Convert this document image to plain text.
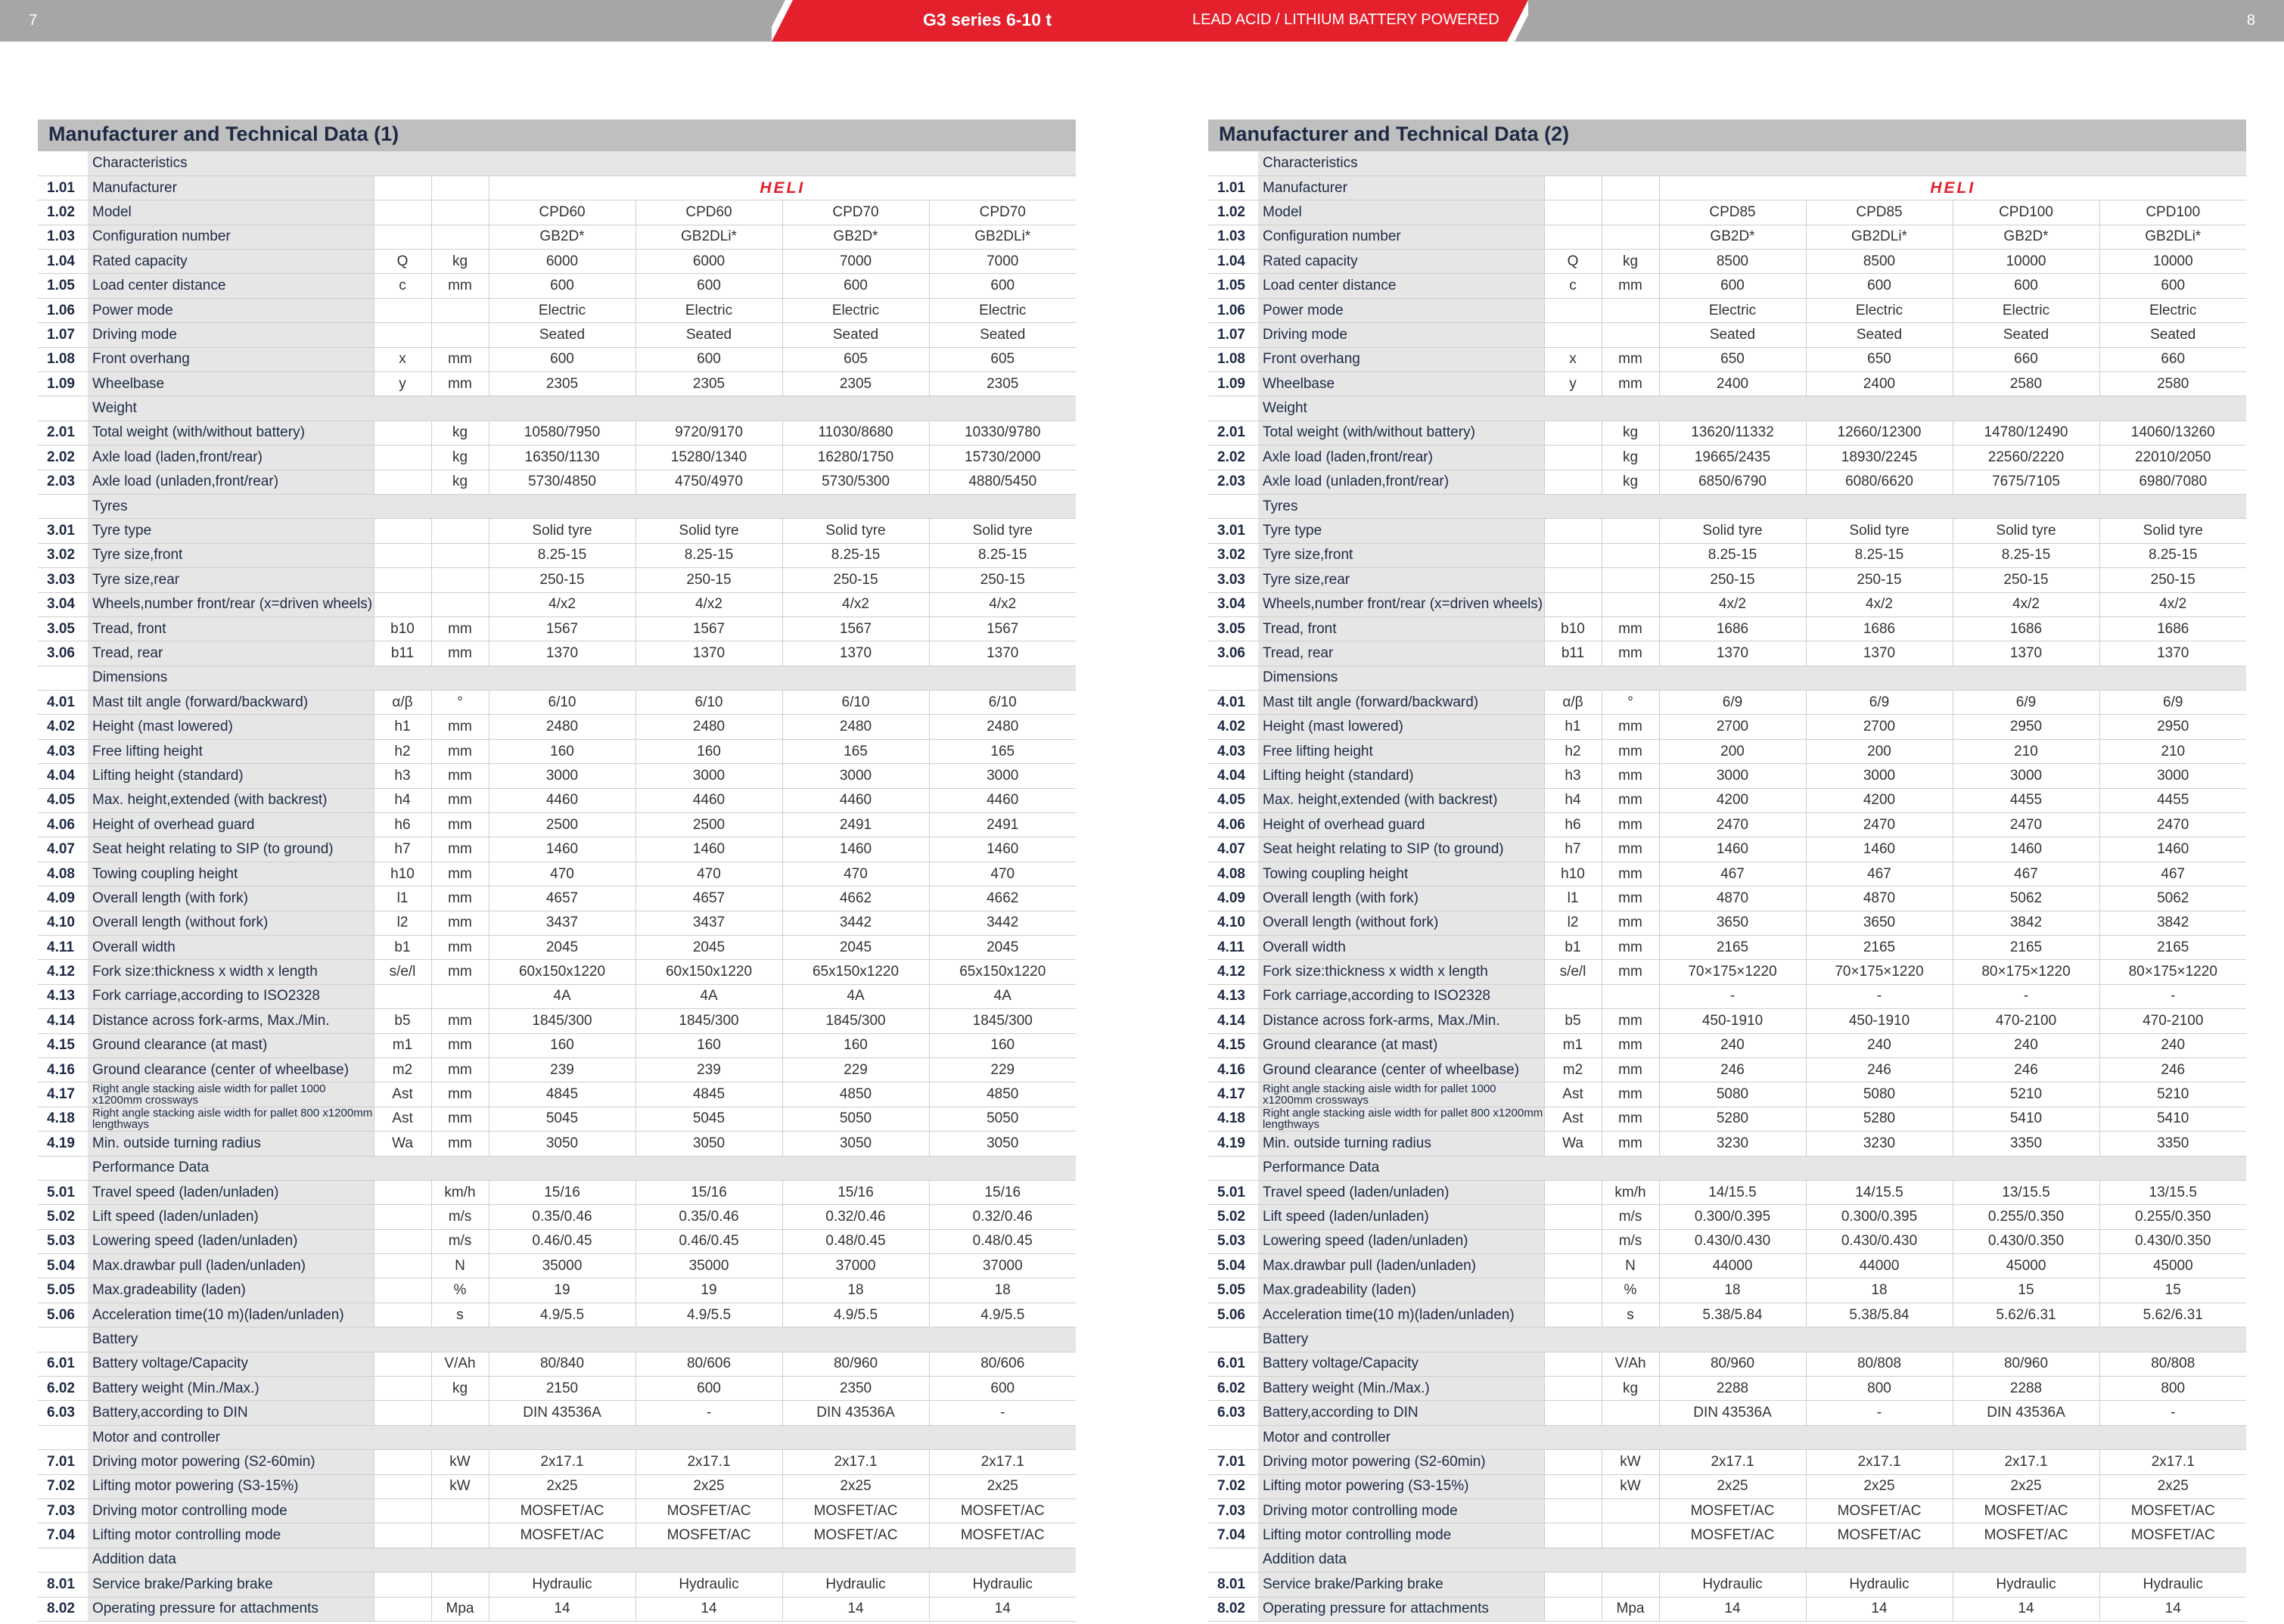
7	G3 series 6-10 t	LEAD ACID / LITHIUM BATTERY POWERED	8
Manufacturer and Technical Data (1)
	Characteristics						
1.01	Manufacturer			HELI			
1.02	Model			CPD60	CPD60	CPD70	CPD70
1.03	Configuration number			GB2D*	GB2DLi*	GB2D*	GB2DLi*
1.04	Rated capacity	Q	kg	6000	6000	7000	7000
1.05	Load center distance	c	mm	600	600	600	600
1.06	Power mode			Electric	Electric	Electric	Electric
1.07	Driving mode			Seated	Seated	Seated	Seated
1.08	Front overhang	x	mm	600	600	605	605
1.09	Wheelbase	y	mm	2305	2305	2305	2305
	Weight						
2.01	Total weight (with/without battery)		kg	10580/7950	9720/9170	11030/8680	10330/9780
2.02	Axle load (laden,front/rear)		kg	16350/1130	15280/1340	16280/1750	15730/2000
2.03	Axle load (unladen,front/rear)		kg	5730/4850	4750/4970	5730/5300	4880/5450
	Tyres						
3.01	Tyre type			Solid tyre	Solid tyre	Solid tyre	Solid tyre
3.02	Tyre size,front			8.25-15	8.25-15	8.25-15	8.25-15
3.03	Tyre size,rear			250-15	250-15	250-15	250-15
3.04	Wheels,number front/rear (x=driven wheels)			4/x2	4/x2	4/x2	4/x2
3.05	Tread, front	b10	mm	1567	1567	1567	1567
3.06	Tread, rear	b11	mm	1370	1370	1370	1370
	Dimensions						
4.01	Mast tilt angle (forward/backward)	α/β	°	6/10	6/10	6/10	6/10
4.02	Height (mast lowered)	h1	mm	2480	2480	2480	2480
4.03	Free lifting height	h2	mm	160	160	165	165
4.04	Lifting height (standard)	h3	mm	3000	3000	3000	3000
4.05	Max. height,extended (with backrest)	h4	mm	4460	4460	4460	4460
4.06	Height of overhead guard	h6	mm	2500	2500	2491	2491
4.07	Seat height relating to SIP (to ground)	h7	mm	1460	1460	1460	1460
4.08	Towing coupling height	h10	mm	470	470	470	470
4.09	Overall length (with fork)	l1	mm	4657	4657	4662	4662
4.10	Overall length (without fork)	l2	mm	3437	3437	3442	3442
4.11	Overall width	b1	mm	2045	2045	2045	2045
4.12	Fork size:thickness x width x length	s/e/l	mm	60x150x1220	60x150x1220	65x150x1220	65x150x1220
4.13	Fork carriage,according to ISO2328			4A	4A	4A	4A
4.14	Distance across fork-arms, Max./Min.	b5	mm	1845/300	1845/300	1845/300	1845/300
4.15	Ground clearance (at mast)	m1	mm	160	160	160	160
4.16	Ground clearance (center of wheelbase)	m2	mm	239	239	229	229
4.17	Right angle stacking aisle width for pallet 1000 x1200mm crossways	Ast	mm	4845	4845	4850	4850
4.18	Right angle stacking aisle width for pallet 800 x1200mm lengthways	Ast	mm	5045	5045	5050	5050
4.19	Min. outside turning radius	Wa	mm	3050	3050	3050	3050
	Performance Data						
5.01	Travel speed (laden/unladen)		km/h	15/16	15/16	15/16	15/16
5.02	Lift speed (laden/unladen)		m/s	0.35/0.46	0.35/0.46	0.32/0.46	0.32/0.46
5.03	Lowering speed (laden/unladen)		m/s	0.46/0.45	0.46/0.45	0.48/0.45	0.48/0.45
5.04	Max.drawbar pull (laden/unladen)		N	35000	35000	37000	37000
5.05	Max.gradeability (laden)		%	19	19	18	18
5.06	Acceleration time(10 m)(laden/unladen)		s	4.9/5.5	4.9/5.5	4.9/5.5	4.9/5.5
	Battery						
6.01	Battery voltage/Capacity		V/Ah	80/840	80/606	80/960	80/606
6.02	Battery weight (Min./Max.)		kg	2150	600	2350	600
6.03	Battery,according to DIN			DIN 43536A	-	DIN 43536A	-
	Motor and controller						
7.01	Driving motor powering (S2-60min)		kW	2x17.1	2x17.1	2x17.1	2x17.1
7.02	Lifting motor powering (S3-15%)		kW	2x25	2x25	2x25	2x25
7.03	Driving motor controlling mode			MOSFET/AC	MOSFET/AC	MOSFET/AC	MOSFET/AC
7.04	Lifting motor controlling mode			MOSFET/AC	MOSFET/AC	MOSFET/AC	MOSFET/AC
	Addition data						
8.01	Service brake/Parking brake			Hydraulic	Hydraulic	Hydraulic	Hydraulic
8.02	Operating pressure for attachments		Mpa	14	14	14	14
Manufacturer and Technical Data (2)
	Characteristics						
1.01	Manufacturer			HELI			
1.02	Model			CPD85	CPD85	CPD100	CPD100
1.03	Configuration number			GB2D*	GB2DLi*	GB2D*	GB2DLi*
1.04	Rated capacity	Q	kg	8500	8500	10000	10000
1.05	Load center distance	c	mm	600	600	600	600
1.06	Power mode			Electric	Electric	Electric	Electric
1.07	Driving mode			Seated	Seated	Seated	Seated
1.08	Front overhang	x	mm	650	650	660	660
1.09	Wheelbase	y	mm	2400	2400	2580	2580
	Weight						
2.01	Total weight (with/without battery)		kg	13620/11332	12660/12300	14780/12490	14060/13260
2.02	Axle load (laden,front/rear)		kg	19665/2435	18930/2245	22560/2220	22010/2050
2.03	Axle load (unladen,front/rear)		kg	6850/6790	6080/6620	7675/7105	6980/7080
	Tyres						
3.01	Tyre type			Solid tyre	Solid tyre	Solid tyre	Solid tyre
3.02	Tyre size,front			8.25-15	8.25-15	8.25-15	8.25-15
3.03	Tyre size,rear			250-15	250-15	250-15	250-15
3.04	Wheels,number front/rear (x=driven wheels)			4x/2	4x/2	4x/2	4x/2
3.05	Tread, front	b10	mm	1686	1686	1686	1686
3.06	Tread, rear	b11	mm	1370	1370	1370	1370
	Dimensions						
4.01	Mast tilt angle (forward/backward)	α/β	°	6/9	6/9	6/9	6/9
4.02	Height (mast lowered)	h1	mm	2700	2700	2950	2950
4.03	Free lifting height	h2	mm	200	200	210	210
4.04	Lifting height (standard)	h3	mm	3000	3000	3000	3000
4.05	Max. height,extended (with backrest)	h4	mm	4200	4200	4455	4455
4.06	Height of overhead guard	h6	mm	2470	2470	2470	2470
4.07	Seat height relating to SIP (to ground)	h7	mm	1460	1460	1460	1460
4.08	Towing coupling height	h10	mm	467	467	467	467
4.09	Overall length (with fork)	l1	mm	4870	4870	5062	5062
4.10	Overall length (without fork)	l2	mm	3650	3650	3842	3842
4.11	Overall width	b1	mm	2165	2165	2165	2165
4.12	Fork size:thickness x width x length	s/e/l	mm	70×175×1220	70×175×1220	80×175×1220	80×175×1220
4.13	Fork carriage,according to ISO2328			-	-	-	-
4.14	Distance across fork-arms, Max./Min.	b5	mm	450-1910	450-1910	470-2100	470-2100
4.15	Ground clearance (at mast)	m1	mm	240	240	240	240
4.16	Ground clearance (center of wheelbase)	m2	mm	246	246	246	246
4.17	Right angle stacking aisle width for pallet 1000 x1200mm crossways	Ast	mm	5080	5080	5210	5210
4.18	Right angle stacking aisle width for pallet 800 x1200mm lengthways	Ast	mm	5280	5280	5410	5410
4.19	Min. outside turning radius	Wa	mm	3230	3230	3350	3350
	Performance Data						
5.01	Travel speed (laden/unladen)		km/h	14/15.5	14/15.5	13/15.5	13/15.5
5.02	Lift speed (laden/unladen)		m/s	0.300/0.395	0.300/0.395	0.255/0.350	0.255/0.350
5.03	Lowering speed (laden/unladen)		m/s	0.430/0.430	0.430/0.430	0.430/0.350	0.430/0.350
5.04	Max.drawbar pull (laden/unladen)		N	44000	44000	45000	45000
5.05	Max.gradeability (laden)		%	18	18	15	15
5.06	Acceleration time(10 m)(laden/unladen)		s	5.38/5.84	5.38/5.84	5.62/6.31	5.62/6.31
	Battery						
6.01	Battery voltage/Capacity		V/Ah	80/960	80/808	80/960	80/808
6.02	Battery weight (Min./Max.)		kg	2288	800	2288	800
6.03	Battery,according to DIN			DIN 43536A	-	DIN 43536A	-
	Motor and controller						
7.01	Driving motor powering (S2-60min)		kW	2x17.1	2x17.1	2x17.1	2x17.1
7.02	Lifting motor powering (S3-15%)		kW	2x25	2x25	2x25	2x25
7.03	Driving motor controlling mode			MOSFET/AC	MOSFET/AC	MOSFET/AC	MOSFET/AC
7.04	Lifting motor controlling mode			MOSFET/AC	MOSFET/AC	MOSFET/AC	MOSFET/AC
	Addition data						
8.01	Service brake/Parking brake			Hydraulic	Hydraulic	Hydraulic	Hydraulic
8.02	Operating pressure for attachments		Mpa	14	14	14	14
